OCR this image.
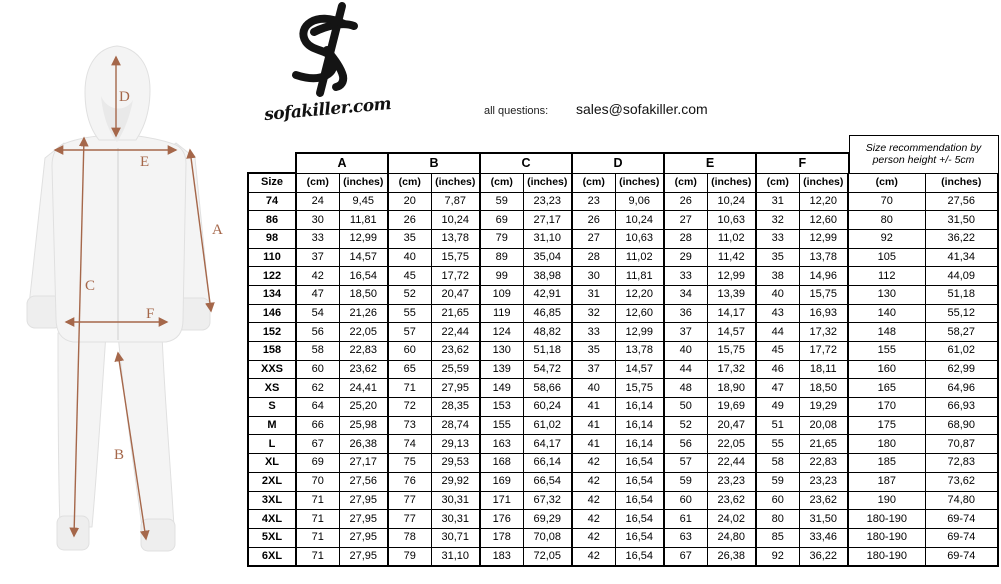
D
E
A
C
F
B
sofakiller.com	all questions: sales@sofakiller.com
	A		B		C		D		E		F		Size recommendation by
person height +/- 5cm	

Size	(cm)	(inches)	(cm)	(inches)	(cm)	(inches)	(cm)	(inches)	(cm)	(inches)	(cm)	(inches)	(cm)	(inches)
74	24	9,45	20	7,87	59	23,23	23	9,06	26	10,24	31	12,20	70	27,56
86	30	11,81	26	10,24	69	27,17	26	10,24	27	10,63	32	12,60	80	31,50
98	33	12,99	35	13,78	79	31,10	27	10,63	28	11,02	33	12,99	92	36,22
110	37	14,57	40	15,75	89	35,04	28	11,02	29	11,42	35	13,78	105	41,34
122	42	16,54	45	17,72	99	38,98	30	11,81	33	12,99	38	14,96	112	44,09
134	47	18,50	52	20,47	109	42,91	31	12,20	34	13,39	40	15,75	130	51,18
146	54	21,26	55	21,65	119	46,85	32	12,60	36	14,17	43	16,93	140	55,12
152	56	22,05	57	22,44	124	48,82	33	12,99	37	14,57	44	17,32	148	58,27
158	58	22,83	60	23,62	130	51,18	35	13,78	40	15,75	45	17,72	155	61,02
XXS	60	23,62	65	25,59	139	54,72	37	14,57	44	17,32	46	18,11	160	62,99
XS	62	24,41	71	27,95	149	58,66	40	15,75	48	18,90	47	18,50	165	64,96
S	64	25,20	72	28,35	153	60,24	41	16,14	50	19,69	49	19,29	170	66,93
M	66	25,98	73	28,74	155	61,02	41	16,14	52	20,47	51	20,08	175	68,90
L	67	26,38	74	29,13	163	64,17	41	16,14	56	22,05	55	21,65	180	70,87
XL	69	27,17	75	29,53	168	66,14	42	16,54	57	22,44	58	22,83	185	72,83
2XL	70	27,56	76	29,92	169	66,54	42	16,54	59	23,23	59	23,23	187	73,62
3XL	71	27,95	77	30,31	171	67,32	42	16,54	60	23,62	60	23,62	190	74,80
4XL	71	27,95	77	30,31	176	69,29	42	16,54	61	24,02	80	31,50	180-190	69-74
5XL	71	27,95	78	30,71	178	70,08	42	16,54	63	24,80	85	33,46	180-190	69-74
6XL	71	27,95	79	31,10	183	72,05	42	16,54	67	26,38	92	36,22	180-190	69-74
